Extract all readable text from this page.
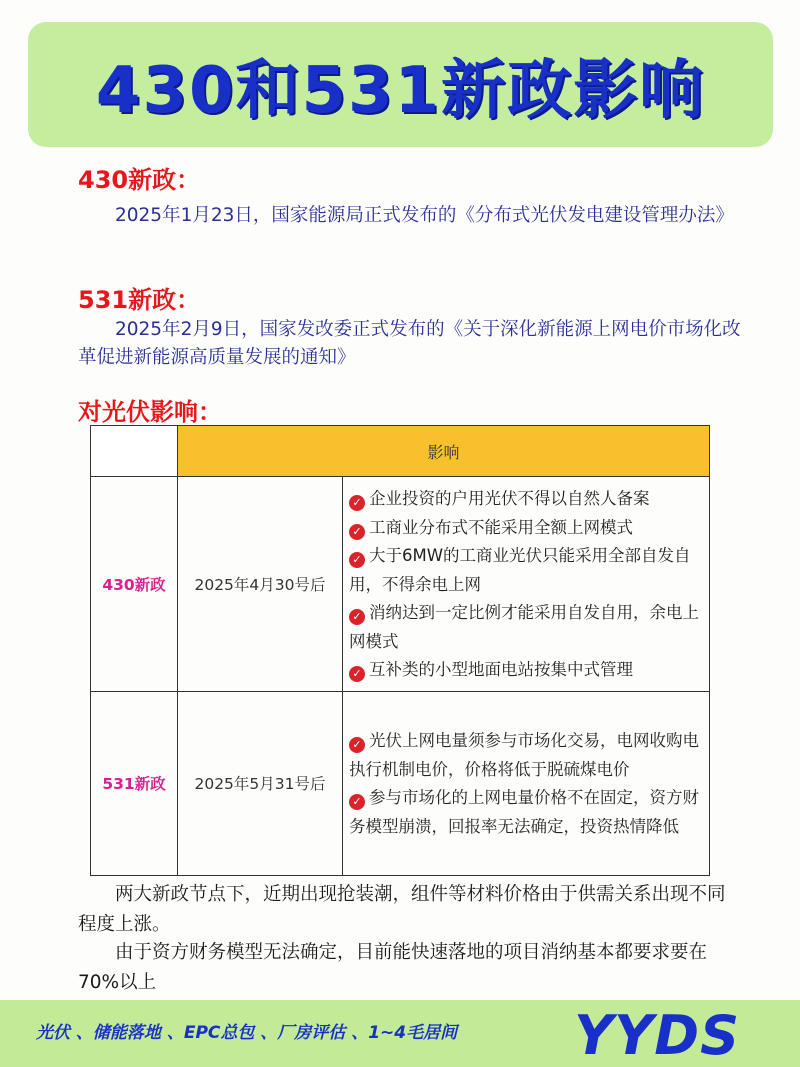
430和531新政影响
430新政：
2025年1月23日，国家能源局正式发布的《分布式光伏发电建设管理办法》
531新政：
2025年2月9日，国家发改委正式发布的《关于深化新能源上网电价市场化改革促进新能源高质量发展的通知》
对光伏影响：
	影响	
430新政	2025年4月30号后	✓ 企业投资的户用光伏不得以自然人备案
✓ 工商业分布式不能采用全额上网模式
✓ 大于6MW的工商业光伏只能采用全部自发自用，不得余电上网
✓ 消纳达到一定比例才能采用自发自用，余电上网模式
✓ 互补类的小型地面电站按集中式管理

531新政	2025年5月31号后	✓ 光伏上网电量须参与市场化交易，电网收购电执行机制电价，价格将低于脱硫煤电价
✓ 参与市场化的上网电量价格不在固定，资方财务模型崩溃，回报率无法确定，投资热情降低
两大新政节点下，近期出现抢装潮，组件等材料价格由于供需关系出现不同程度上涨。
由于资方财务模型无法确定，目前能快速落地的项目消纳基本都要求要在70%以上
光伏 、储能落地 、EPC总包 、厂房评估 、1~4毛居间 YYDS
